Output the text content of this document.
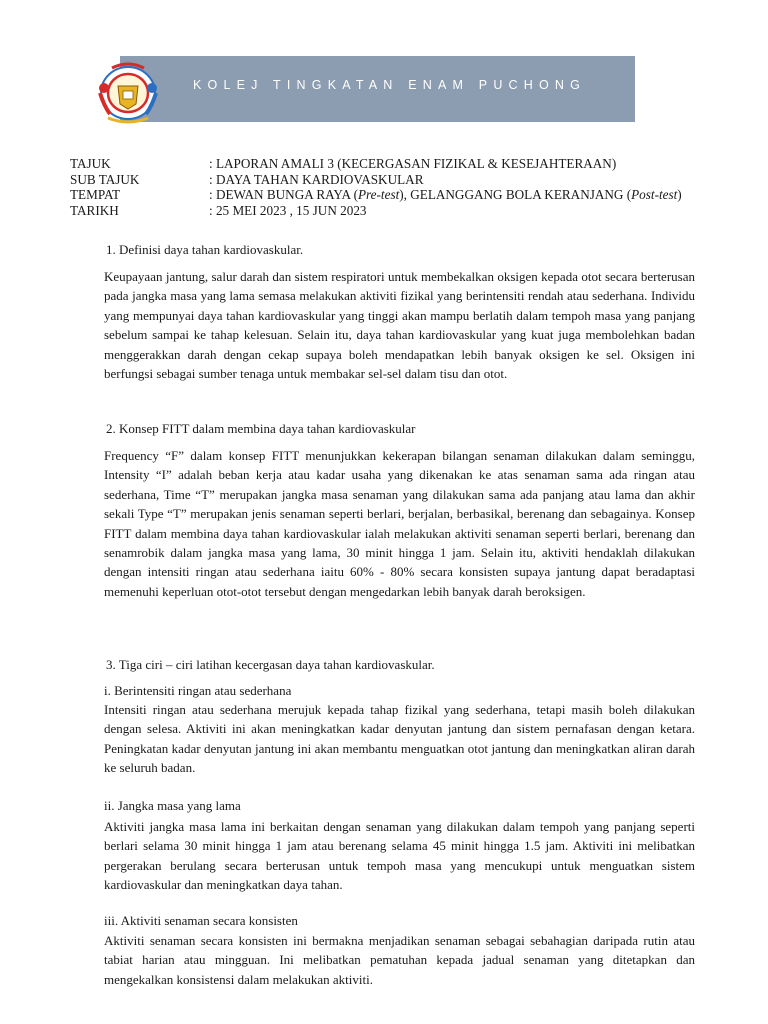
KOLEJ TINGKATAN ENAM PUCHONG
TAJUK	: LAPORAN AMALI 3 (KECERGASAN FIZIKAL & KESEJAHTERAAN)
SUB TAJUK	: DAYA TAHAN KARDIOVASKULAR
TEMPAT	: DEWAN BUNGA RAYA (Pre-test), GELANGGANG BOLA KERANJANG (Post-test)
TARIKH	: 25 MEI 2023 , 15 JUN 2023
1. Definisi daya tahan kardiovaskular.
Keupayaan jantung, salur darah dan sistem respiratori untuk membekalkan oksigen kepada otot secara berterusan pada jangka masa yang lama semasa melakukan aktiviti fizikal yang berintensiti rendah atau sederhana. Individu yang mempunyai daya tahan kardiovaskular yang tinggi akan mampu berlatih dalam tempoh masa yang panjang sebelum sampai ke tahap kelesuan. Selain itu, daya tahan kardiovaskular yang kuat juga membolehkan badan menggerakkan darah dengan cekap supaya boleh mendapatkan lebih banyak oksigen ke sel. Oksigen ini berfungsi sebagai sumber tenaga untuk membakar sel-sel dalam tisu dan otot.
2. Konsep FITT dalam membina daya tahan kardiovaskular
Frequency “F” dalam konsep FITT menunjukkan kekerapan bilangan senaman dilakukan dalam seminggu, Intensity “I” adalah beban kerja atau kadar usaha yang dikenakan ke atas senaman sama ada ringan atau sederhana, Time “T” merupakan jangka masa senaman yang dilakukan sama ada panjang atau lama dan akhir sekali Type “T” merupakan jenis senaman seperti berlari, berjalan, berbasikal, berenang dan sebagainya. Konsep FITT dalam membina daya tahan kardiovaskular ialah melakukan aktiviti senaman seperti berlari, berenang dan senamrobik dalam jangka masa yang lama, 30 minit hingga 1 jam. Selain itu, aktiviti hendaklah dilakukan dengan intensiti ringan atau sederhana iaitu 60% - 80% secara konsisten supaya jantung dapat beradaptasi memenuhi keperluan otot-otot tersebut dengan mengedarkan lebih banyak darah beroksigen.
3. Tiga ciri – ciri latihan kecergasan daya tahan kardiovaskular.
i. Berintensiti ringan atau sederhana
Intensiti ringan atau sederhana merujuk kepada tahap fizikal yang sederhana, tetapi masih boleh dilakukan dengan selesa. Aktiviti ini akan meningkatkan kadar denyutan jantung dan sistem pernafasan dengan ketara. Peningkatan kadar denyutan jantung ini akan membantu menguatkan otot jantung dan meningkatkan aliran darah ke seluruh badan.
ii. Jangka masa yang lama
Aktiviti jangka masa lama ini berkaitan dengan senaman yang dilakukan dalam tempoh yang panjang seperti berlari selama 30 minit hingga 1 jam atau berenang selama 45 minit hingga 1.5 jam. Aktiviti ini melibatkan pergerakan berulang secara berterusan untuk tempoh masa yang mencukupi untuk menguatkan sistem kardiovaskular dan meningkatkan daya tahan.
iii. Aktiviti senaman secara konsisten
Aktiviti senaman secara konsisten ini bermakna menjadikan senaman sebagai sebahagian daripada rutin atau tabiat harian atau mingguan. Ini melibatkan pematuhan kepada jadual senaman yang ditetapkan dan mengekalkan konsistensi dalam melakukan aktiviti.
